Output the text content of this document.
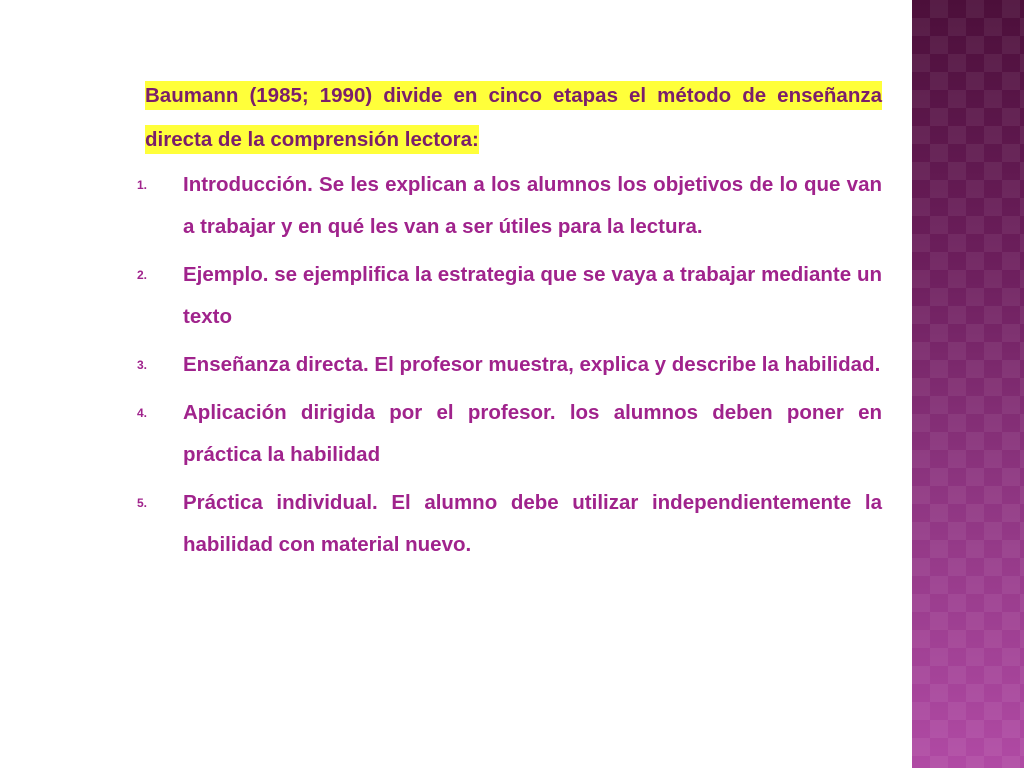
Baumann (1985; 1990) divide en cinco etapas el método de enseñanza directa de la comprensión lectora:

1. Introducción. Se les explican a los alumnos los objetivos de lo que van a trabajar y en qué les van a ser útiles para la lectura.
2. Ejemplo. se ejemplifica la estrategia que se vaya a trabajar mediante un texto
3. Enseñanza directa. El profesor muestra, explica y describe la habilidad.
4. Aplicación dirigida por el profesor. los alumnos deben poner en práctica la habilidad
5. Práctica individual. El alumno debe utilizar independientemente la habilidad con material nuevo.
